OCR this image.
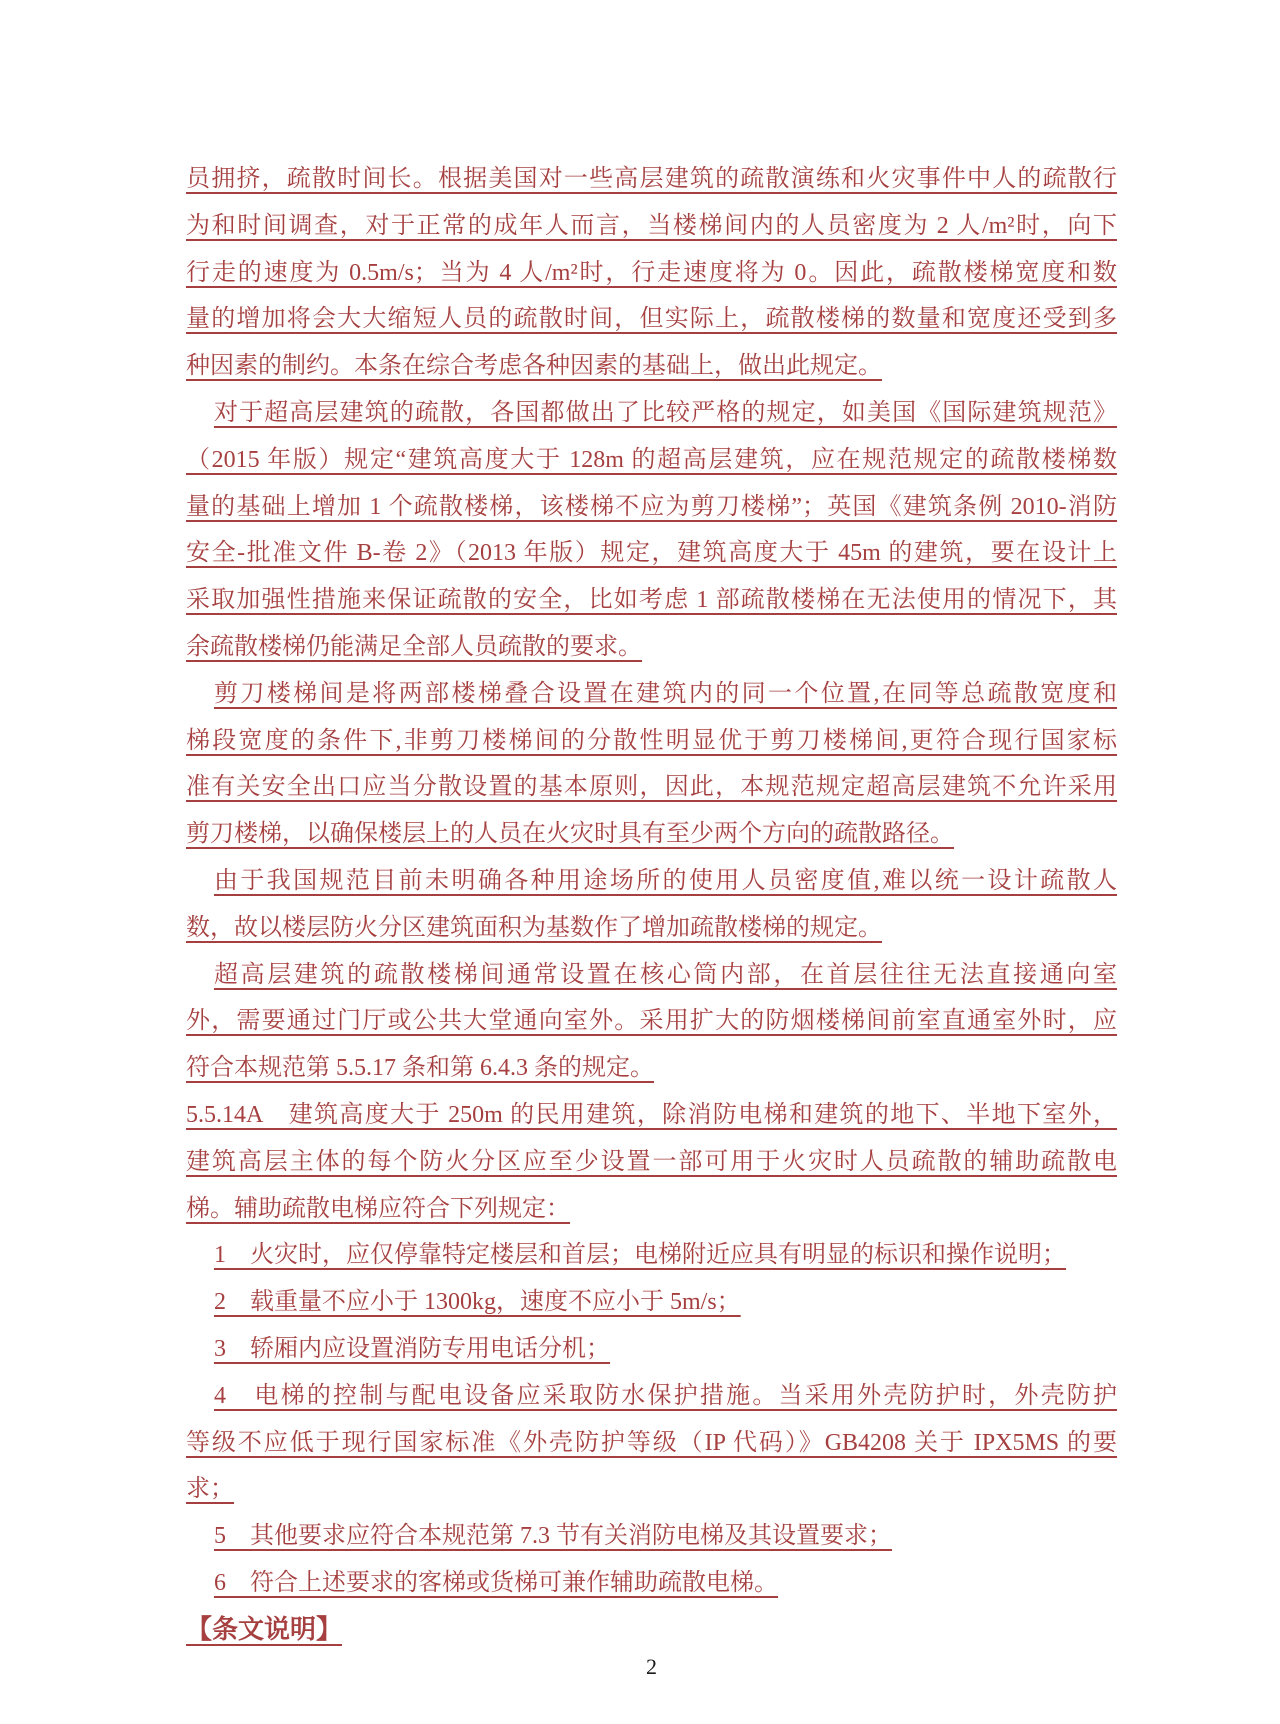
员拥挤，疏散时间长。根据美国对一些高层建筑的疏散演练和火灾事件中人的疏散行
为和时间调查，对于正常的成年人而言，当楼梯间内的人员密度为 2 人/m²时，向下
行走的速度为 0.5m/s；当为 4 人/m²时，行走速度将为 0。因此，疏散楼梯宽度和数
量的增加将会大大缩短人员的疏散时间，但实际上，疏散楼梯的数量和宽度还受到多
种因素的制约。本条在综合考虑各种因素的基础上，做出此规定。
对于超高层建筑的疏散，各国都做出了比较严格的规定，如美国《国际建筑规范》
（2015 年版）规定“建筑高度大于 128m 的超高层建筑，应在规范规定的疏散楼梯数
量的基础上增加 1 个疏散楼梯，该楼梯不应为剪刀楼梯”；英国《建筑条例 2010-消防
安全-批准文件 B-卷 2》（2013 年版）规定，建筑高度大于 45m 的建筑，要在设计上
采取加强性措施来保证疏散的安全，比如考虑 1 部疏散楼梯在无法使用的情况下，其
余疏散楼梯仍能满足全部人员疏散的要求。
剪刀楼梯间是将两部楼梯叠合设置在建筑内的同一个位置,在同等总疏散宽度和
梯段宽度的条件下,非剪刀楼梯间的分散性明显优于剪刀楼梯间,更符合现行国家标
准有关安全出口应当分散设置的基本原则，因此，本规范规定超高层建筑不允许采用
剪刀楼梯，以确保楼层上的人员在火灾时具有至少两个方向的疏散路径。
由于我国规范目前未明确各种用途场所的使用人员密度值,难以统一设计疏散人
数，故以楼层防火分区建筑面积为基数作了增加疏散楼梯的规定。
超高层建筑的疏散楼梯间通常设置在核心筒内部，在首层往往无法直接通向室
外，需要通过门厅或公共大堂通向室外。采用扩大的防烟楼梯间前室直通室外时，应
符合本规范第 5.5.17 条和第 6.4.3 条的规定。
5.5.14A　建筑高度大于 250m 的民用建筑，除消防电梯和建筑的地下、半地下室外，
建筑高层主体的每个防火分区应至少设置一部可用于火灾时人员疏散的辅助疏散电
梯。辅助疏散电梯应符合下列规定：
1　火灾时，应仅停靠特定楼层和首层；电梯附近应具有明显的标识和操作说明；
2　载重量不应小于 1300kg，速度不应小于 5m/s；
3　轿厢内应设置消防专用电话分机；
4　电梯的控制与配电设备应采取防水保护措施。当采用外壳防护时，外壳防护
等级不应低于现行国家标准《外壳防护等级（IP 代码）》GB4208 关于 IPX5MS 的要
求；
5　其他要求应符合本规范第 7.3 节有关消防电梯及其设置要求；
6　符合上述要求的客梯或货梯可兼作辅助疏散电梯。
【条文说明】
2
